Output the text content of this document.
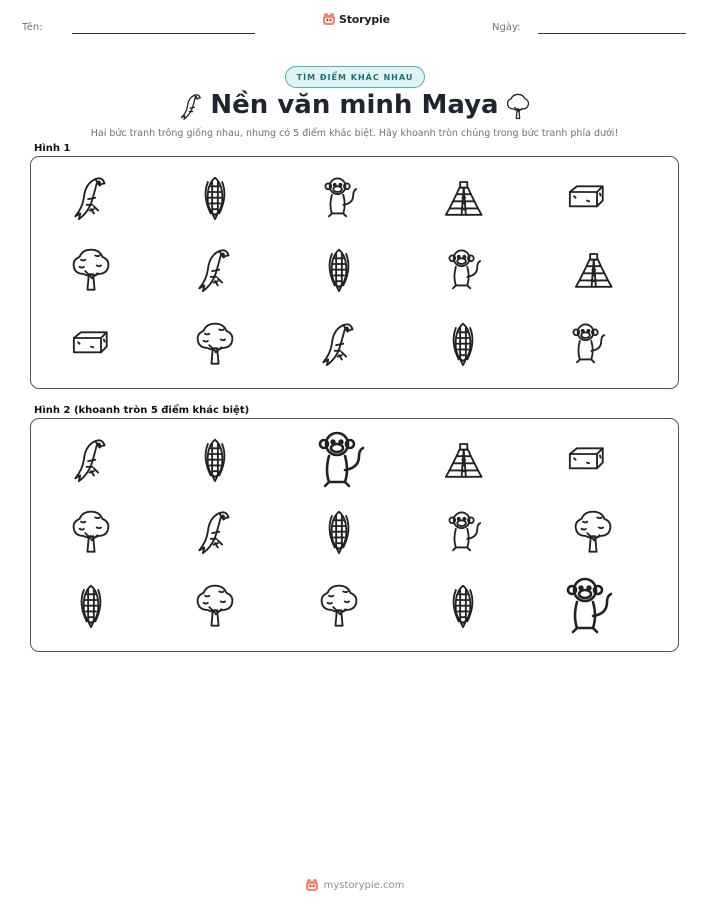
Tên:
Storypie
Ngày:
TÌM ĐIỂM KHÁC NHAU
Nền văn minh Maya
Hai bức tranh trông giống nhau, nhưng có 5 điểm khác biệt. Hãy khoanh tròn chúng trong bức tranh phía dưới!
Hình 1
Hình 2 (khoanh tròn 5 điểm khác biệt)
mystorypie.com
